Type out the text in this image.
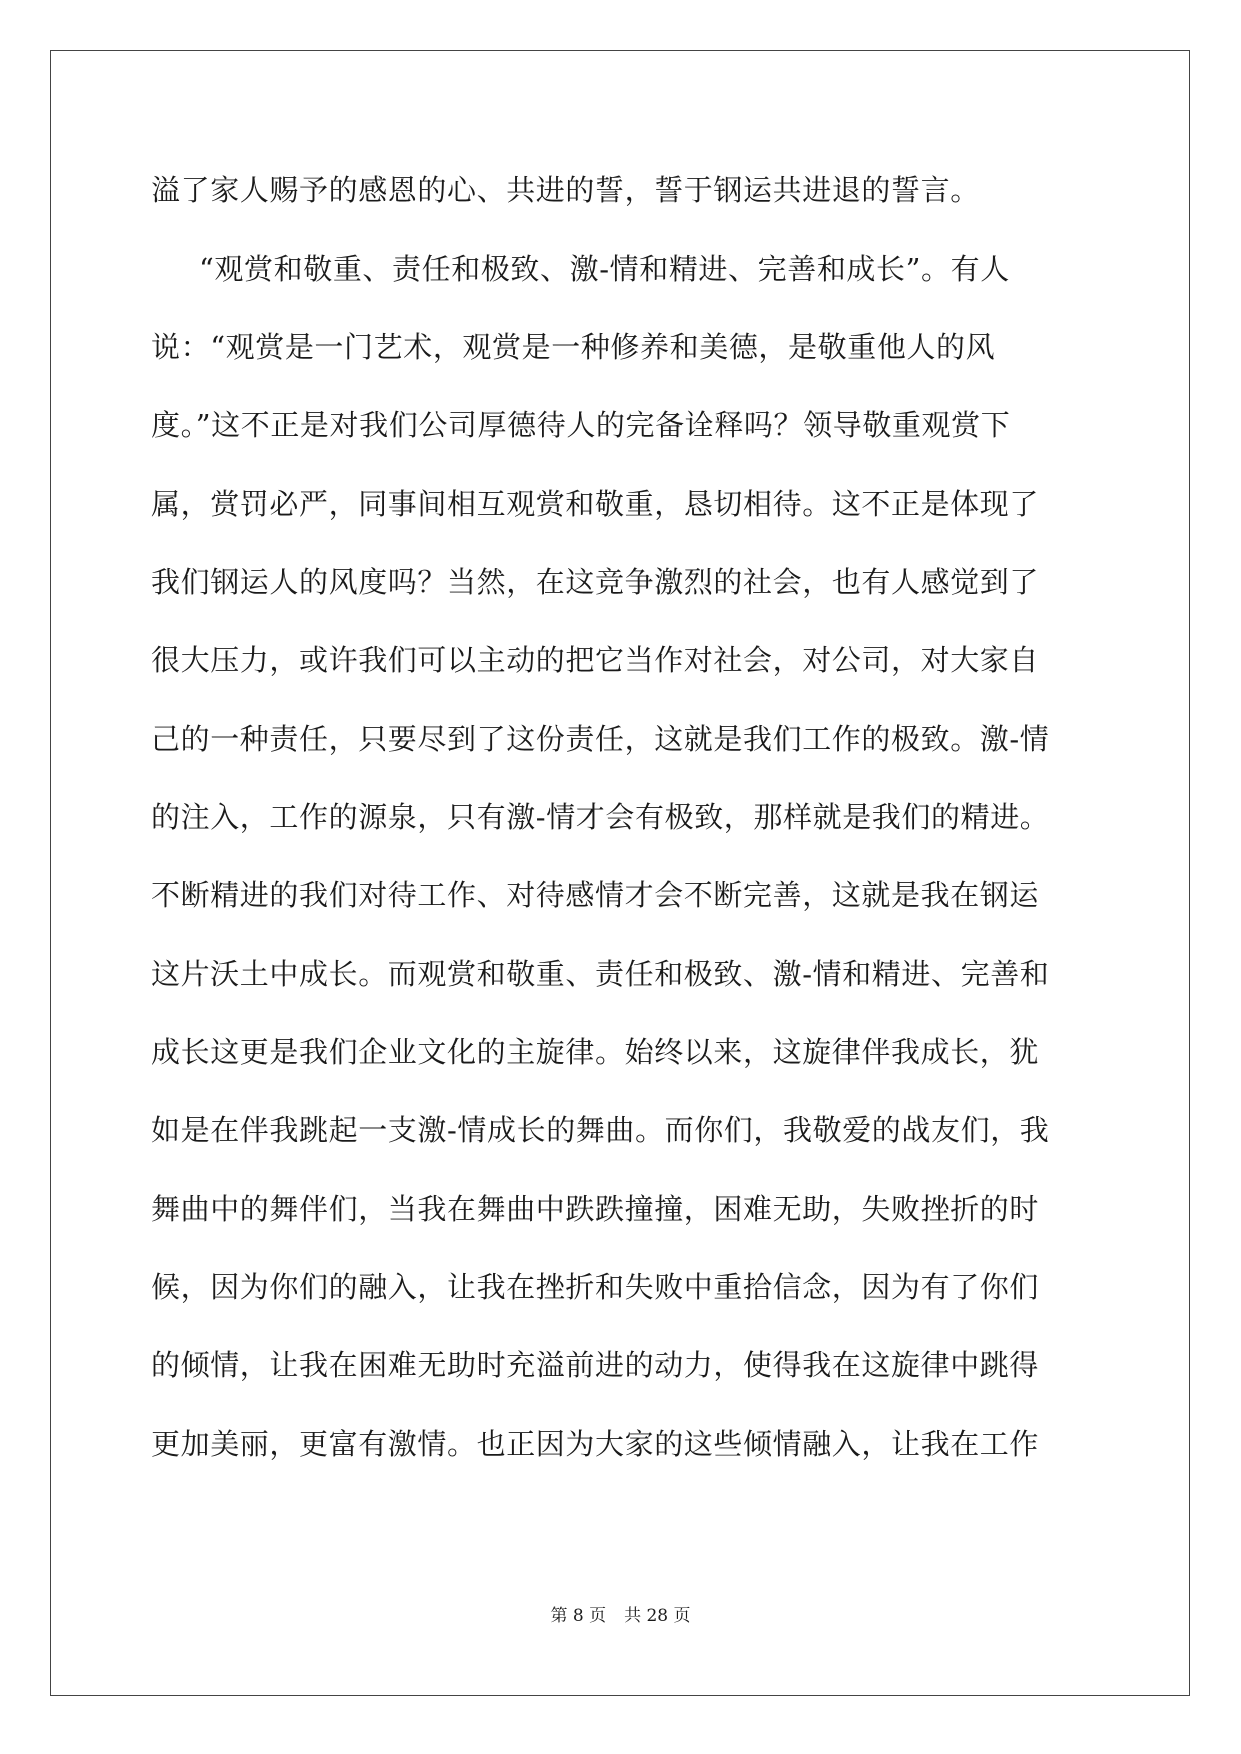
溢了家人赐予的感恩的心、共进的誓，誓于钢运共进退的誓言。
“观赏和敬重、责任和极致、激-情和精进、完善和成长”。有人
说：“观赏是一门艺术，观赏是一种修养和美德，是敬重他人的风
度。”这不正是对我们公司厚德待人的完备诠释吗？领导敬重观赏下
属，赏罚必严，同事间相互观赏和敬重，恳切相待。这不正是体现了
我们钢运人的风度吗？当然，在这竞争激烈的社会，也有人感觉到了
很大压力，或许我们可以主动的把它当作对社会，对公司，对大家自
己的一种责任，只要尽到了这份责任，这就是我们工作的极致。激-情
的注入，工作的源泉，只有激-情才会有极致，那样就是我们的精进。
不断精进的我们对待工作、对待感情才会不断完善，这就是我在钢运
这片沃土中成长。而观赏和敬重、责任和极致、激-情和精进、完善和
成长这更是我们企业文化的主旋律。始终以来，这旋律伴我成长，犹
如是在伴我跳起一支激-情成长的舞曲。而你们，我敬爱的战友们，我
舞曲中的舞伴们，当我在舞曲中跌跌撞撞，困难无助，失败挫折的时
候，因为你们的融入，让我在挫折和失败中重拾信念，因为有了你们
的倾情，让我在困难无助时充溢前进的动力，使得我在这旋律中跳得
更加美丽，更富有激情。也正因为大家的这些倾情融入，让我在工作
第 8 页 共 28 页
